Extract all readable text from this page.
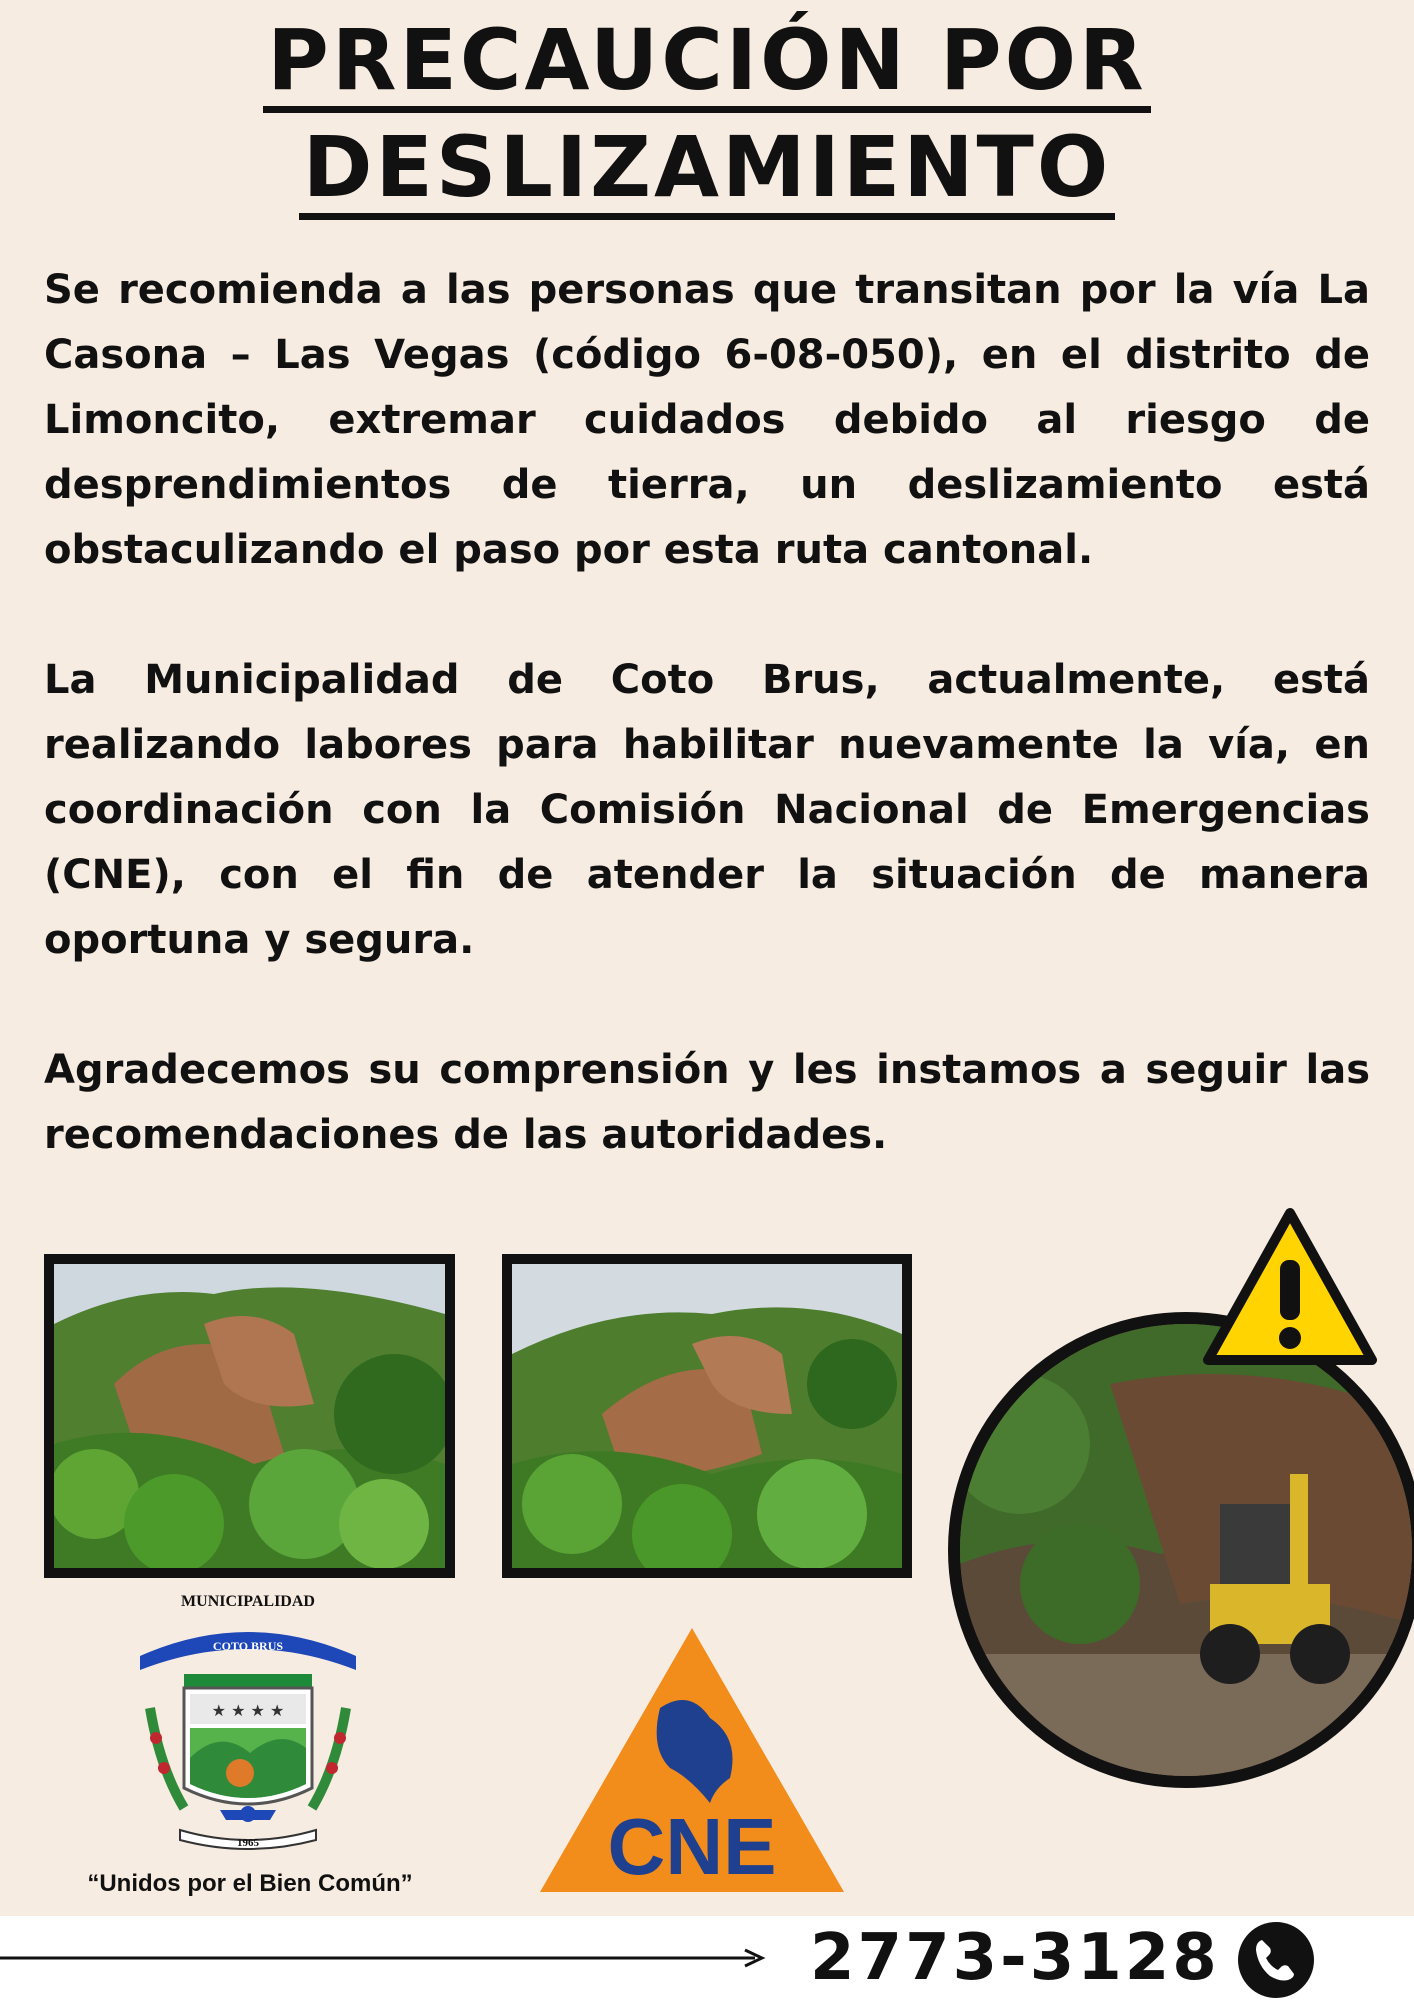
PRECAUCIÓN POR
DESLIZAMIENTO

Se recomienda a las personas que transitan por la vía La Casona – Las Vegas (código 6-08-050), en el distrito de Limoncito, extremar cuidados debido al riesgo de desprendimientos de tierra, un deslizamiento está obstaculizando el paso por esta ruta cantonal.

La Municipalidad de Coto Brus, actualmente, está realizando labores para habilitar nuevamente la vía, en coordinación con la Comisión Nacional de Emergencias (CNE), con el fin de atender la situación de manera oportuna y segura.

Agradecemos su comprensión y les instamos a seguir las recomendaciones de las autoridades.

MUNICIPALIDAD
COTO BRUS
★ ★ ★ ★
1965
“Unidos por el Bien Común”	CNE
2773-3128
